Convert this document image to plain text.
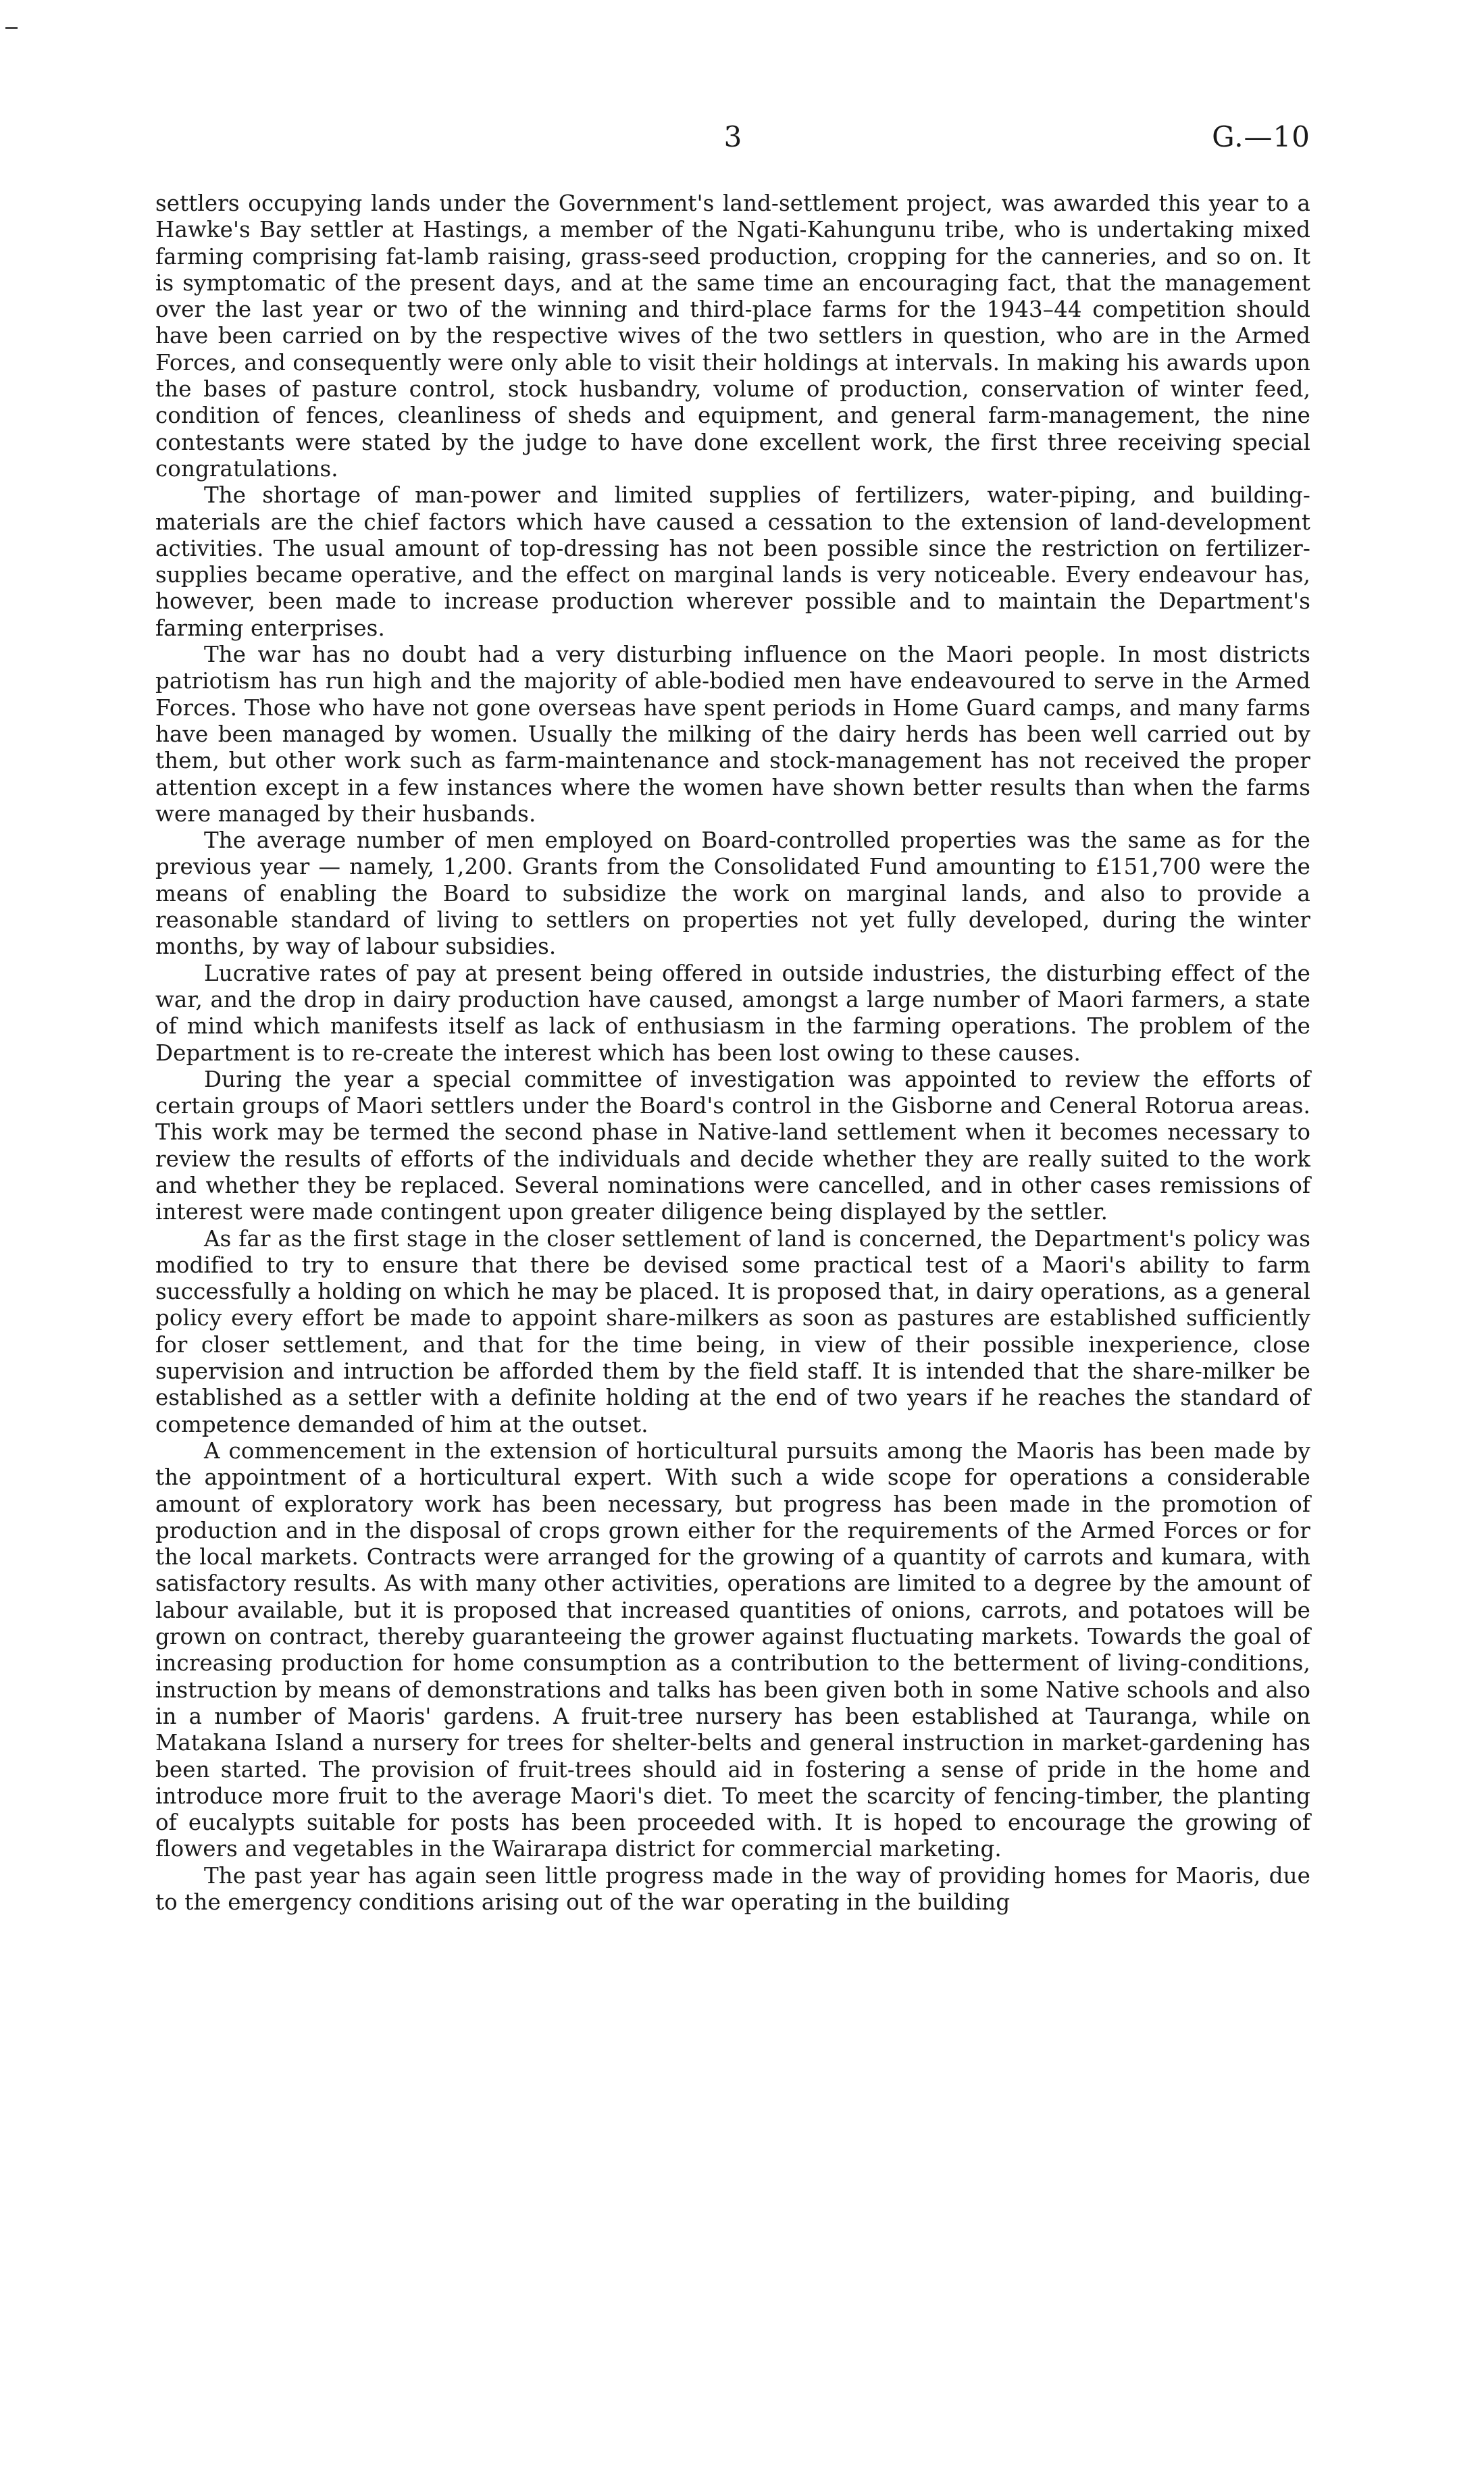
3	G.—10

settlers occupying lands under the Government's land-settlement project, was awarded this year to a Hawke's Bay settler at Hastings, a member of the Ngati-Kahungunu tribe, who is undertaking mixed farming comprising fat-lamb raising, grass-seed production, cropping for the canneries, and so on. It is symptomatic of the present days, and at the same time an encouraging fact, that the management over the last year or two of the winning and third-place farms for the 1943–44 competition should have been carried on by the respective wives of the two settlers in question, who are in the Armed Forces, and consequently were only able to visit their holdings at intervals. In making his awards upon the bases of pasture control, stock husbandry, volume of production, conservation of winter feed, condition of fences, cleanliness of sheds and equipment, and general farm-management, the nine contestants were stated by the judge to have done excellent work, the first three receiving special congratulations.

The shortage of man-power and limited supplies of fertilizers, water-piping, and building-materials are the chief factors which have caused a cessation to the extension of land-development activities. The usual amount of top-dressing has not been possible since the restriction on fertilizer-supplies became operative, and the effect on marginal lands is very noticeable. Every endeavour has, however, been made to increase production wherever possible and to maintain the Department's farming enterprises.

The war has no doubt had a very disturbing influence on the Maori people. In most districts patriotism has run high and the majority of able-bodied men have endeavoured to serve in the Armed Forces. Those who have not gone overseas have spent periods in Home Guard camps, and many farms have been managed by women. Usually the milking of the dairy herds has been well carried out by them, but other work such as farm-maintenance and stock-management has not received the proper attention except in a few instances where the women have shown better results than when the farms were managed by their husbands.

The average number of men employed on Board-controlled properties was the same as for the previous year — namely, 1,200. Grants from the Consolidated Fund amounting to £151,700 were the means of enabling the Board to subsidize the work on marginal lands, and also to provide a reasonable standard of living to settlers on properties not yet fully developed, during the winter months, by way of labour subsidies.

Lucrative rates of pay at present being offered in outside industries, the disturbing effect of the war, and the drop in dairy production have caused, amongst a large number of Maori farmers, a state of mind which manifests itself as lack of enthusiasm in the farming operations. The problem of the Department is to re-create the interest which has been lost owing to these causes.

During the year a special committee of investigation was appointed to review the efforts of certain groups of Maori settlers under the Board's control in the Gisborne and Ceneral Rotorua areas. This work may be termed the second phase in Native-land settlement when it becomes necessary to review the results of efforts of the individuals and decide whether they are really suited to the work and whether they be replaced. Several nominations were cancelled, and in other cases remissions of interest were made contingent upon greater diligence being displayed by the settler.

As far as the first stage in the closer settlement of land is concerned, the Department's policy was modified to try to ensure that there be devised some practical test of a Maori's ability to farm successfully a holding on which he may be placed. It is proposed that, in dairy operations, as a general policy every effort be made to appoint share-milkers as soon as pastures are established sufficiently for closer settlement, and that for the time being, in view of their possible inexperience, close supervision and intruction be afforded them by the field staff. It is intended that the share-milker be established as a settler with a definite holding at the end of two years if he reaches the standard of competence demanded of him at the outset.

A commencement in the extension of horticultural pursuits among the Maoris has been made by the appointment of a horticultural expert. With such a wide scope for operations a considerable amount of exploratory work has been necessary, but progress has been made in the promotion of production and in the disposal of crops grown either for the requirements of the Armed Forces or for the local markets. Contracts were arranged for the growing of a quantity of carrots and kumara, with satisfactory results. As with many other activities, operations are limited to a degree by the amount of labour available, but it is proposed that increased quantities of onions, carrots, and potatoes will be grown on contract, thereby guaranteeing the grower against fluctuating markets. Towards the goal of increasing production for home consumption as a contribution to the betterment of living-conditions, instruction by means of demonstrations and talks has been given both in some Native schools and also in a number of Maoris' gardens. A fruit-tree nursery has been established at Tauranga, while on Matakana Island a nursery for trees for shelter-belts and general instruction in market-gardening has been started. The provision of fruit-trees should aid in fostering a sense of pride in the home and introduce more fruit to the average Maori's diet. To meet the scarcity of fencing-timber, the planting of eucalypts suitable for posts has been proceeded with. It is hoped to encourage the growing of flowers and vegetables in the Wairarapa district for commercial marketing.

The past year has again seen little progress made in the way of providing homes for Maoris, due to the emergency conditions arising out of the war operating in the building
